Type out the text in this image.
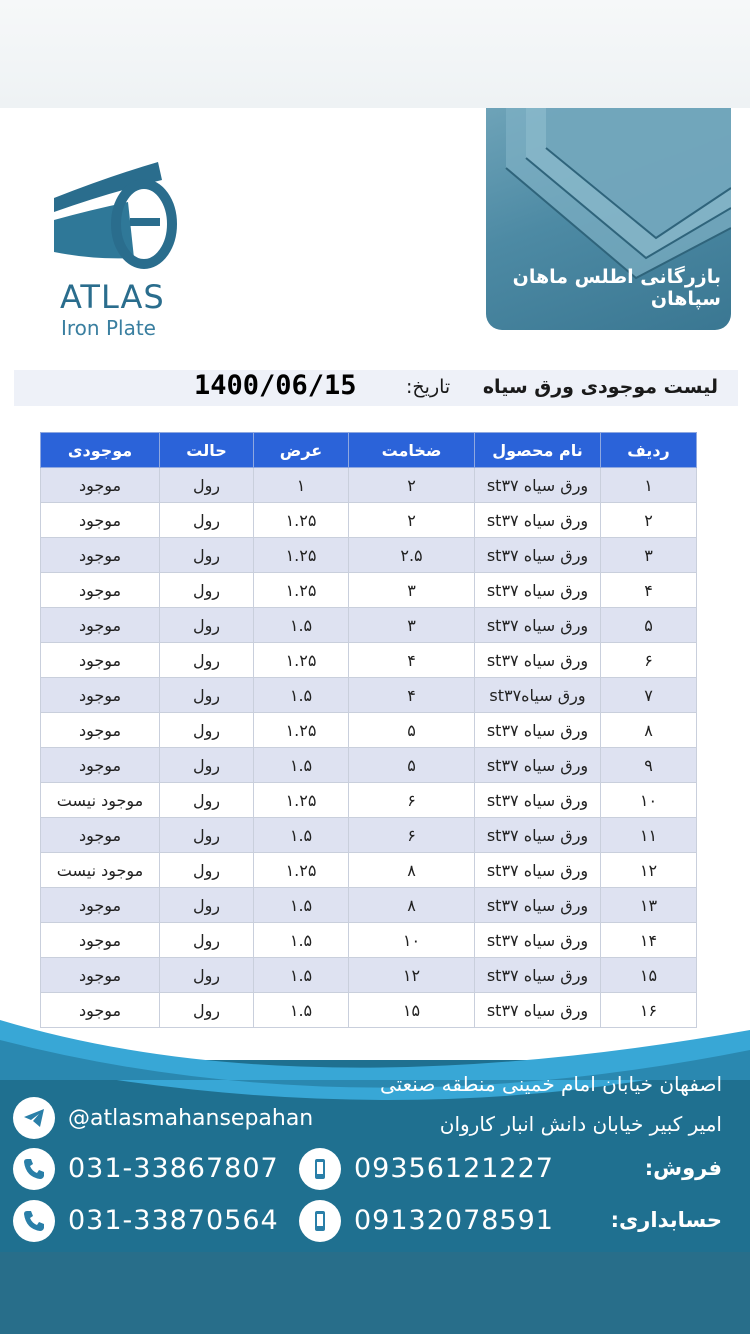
ATLAS
Iron Plate
بازرگانی اطلس ماهان سپاهان
لیست موجودی ورق سیاه
تاریخ:
1400/06/15
ردیف	نام محصول	ضخامت	عرض	حالت	موجودی
۱	ورق سیاه st۳۷	۲	۱	رول	موجود
۲	ورق سیاه st۳۷	۲	۱.۲۵	رول	موجود
۳	ورق سیاه st۳۷	۲.۵	۱.۲۵	رول	موجود
۴	ورق سیاه st۳۷	۳	۱.۲۵	رول	موجود
۵	ورق سیاه st۳۷	۳	۱.۵	رول	موجود
۶	ورق سیاه st۳۷	۴	۱.۲۵	رول	موجود
۷	ورق سیاهst۳۷	۴	۱.۵	رول	موجود
۸	ورق سیاه st۳۷	۵	۱.۲۵	رول	موجود
۹	ورق سیاه st۳۷	۵	۱.۵	رول	موجود
۱۰	ورق سیاه st۳۷	۶	۱.۲۵	رول	موجود نیست
۱۱	ورق سیاه st۳۷	۶	۱.۵	رول	موجود
۱۲	ورق سیاه st۳۷	۸	۱.۲۵	رول	موجود نیست
۱۳	ورق سیاه st۳۷	۸	۱.۵	رول	موجود
۱۴	ورق سیاه st۳۷	۱۰	۱.۵	رول	موجود
۱۵	ورق سیاه st۳۷	۱۲	۱.۵	رول	موجود
۱۶	ورق سیاه st۳۷	۱۵	۱.۵	رول	موجود
اصفهان خیابان امام خمینی منطقه صنعتی
امیر کبیر خیابان دانش انبار کاروان
@atlasmahansepahan
031-33867807	09356121227	فروش:
031-33870564	09132078591	حسابداری:
